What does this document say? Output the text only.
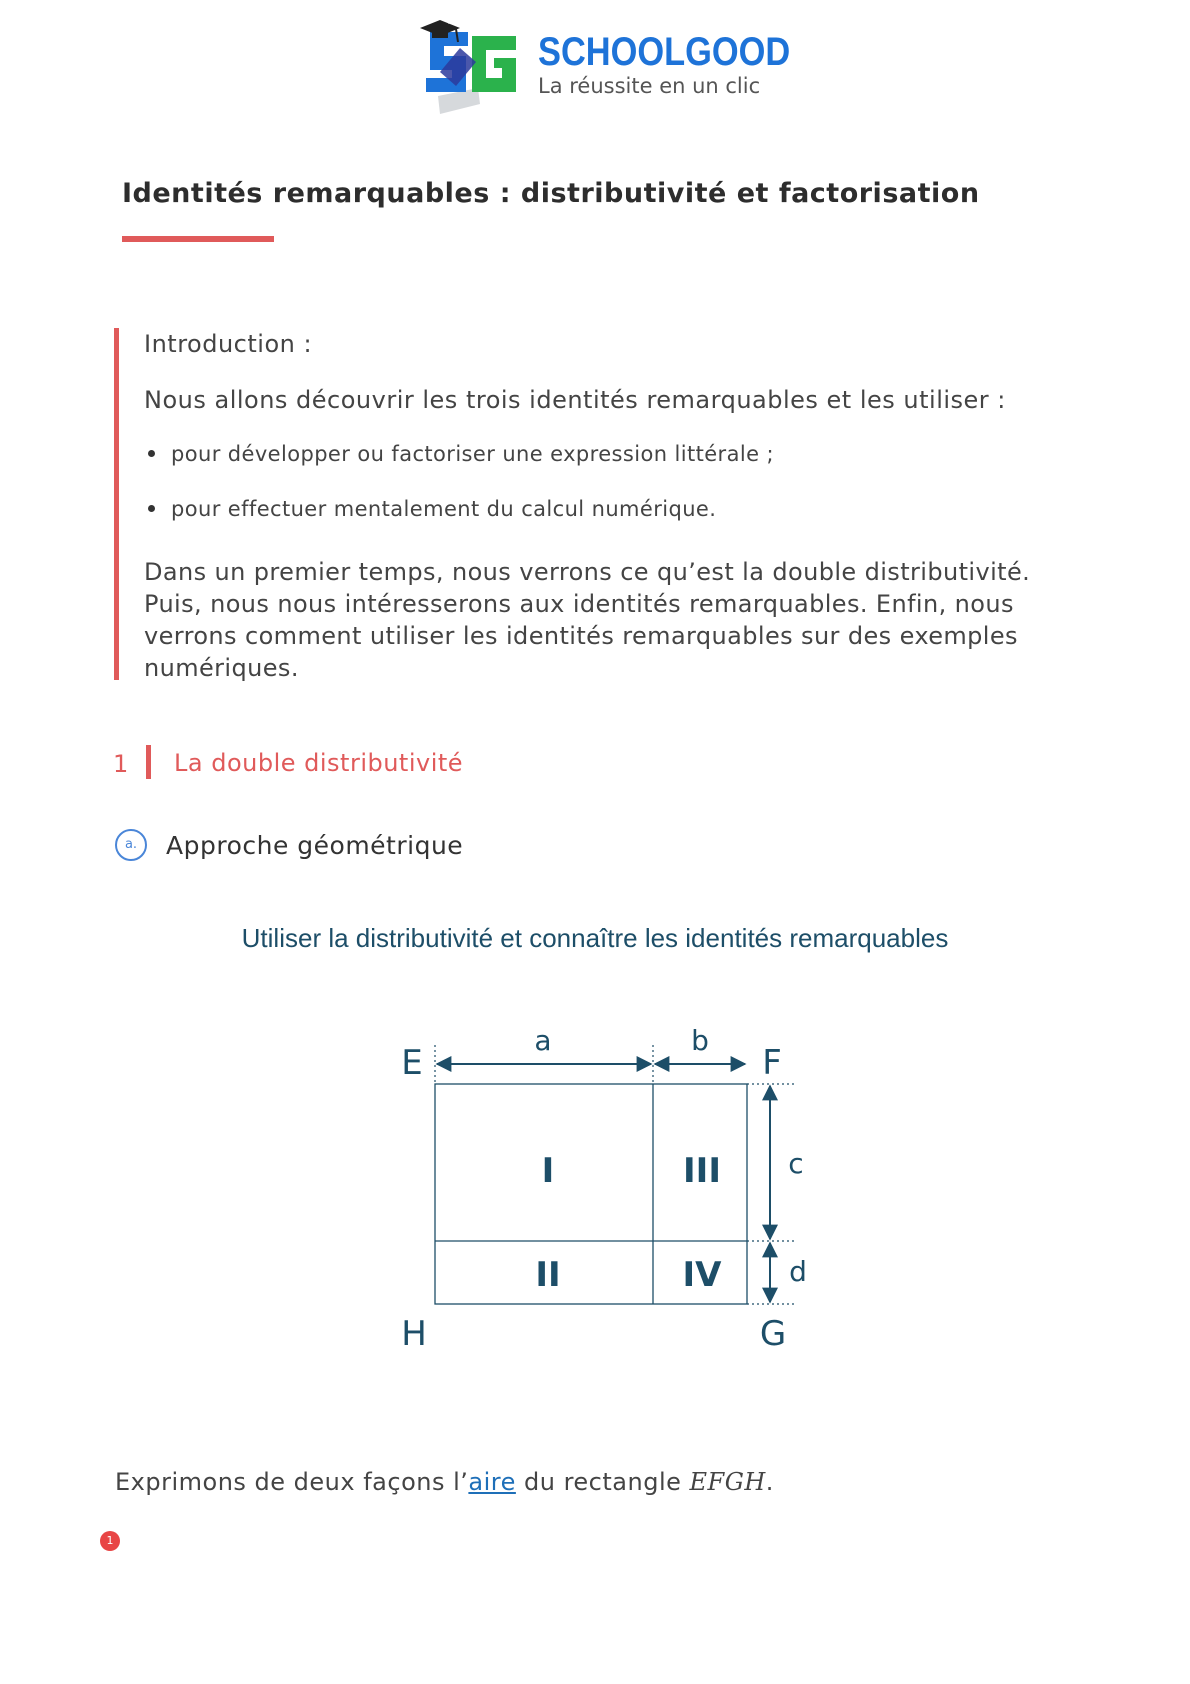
SG
SCHOOLGOOD
La réussite en un clic
Identités remarquables : distributivité et factorisation
Introduction :
Nous allons découvrir les trois identités remarquables et les utiliser :
pour développer ou factoriser une expression littérale ;
pour effectuer mentalement du calcul numérique.
Dans un premier temps, nous verrons ce qu’est la double distributivité. Puis, nous nous intéresserons aux identités remarquables. Enfin, nous verrons comment utiliser les identités remarquables sur des exemples numériques.
1 La double distributivité
a.	Approche géométrique
Utiliser la distributivité et connaître les identités remarquables
a	b
c
d
E	F
G
H
I	III
II	IV
Exprimons de deux façons l’aire du rectangle EFGH.
1
